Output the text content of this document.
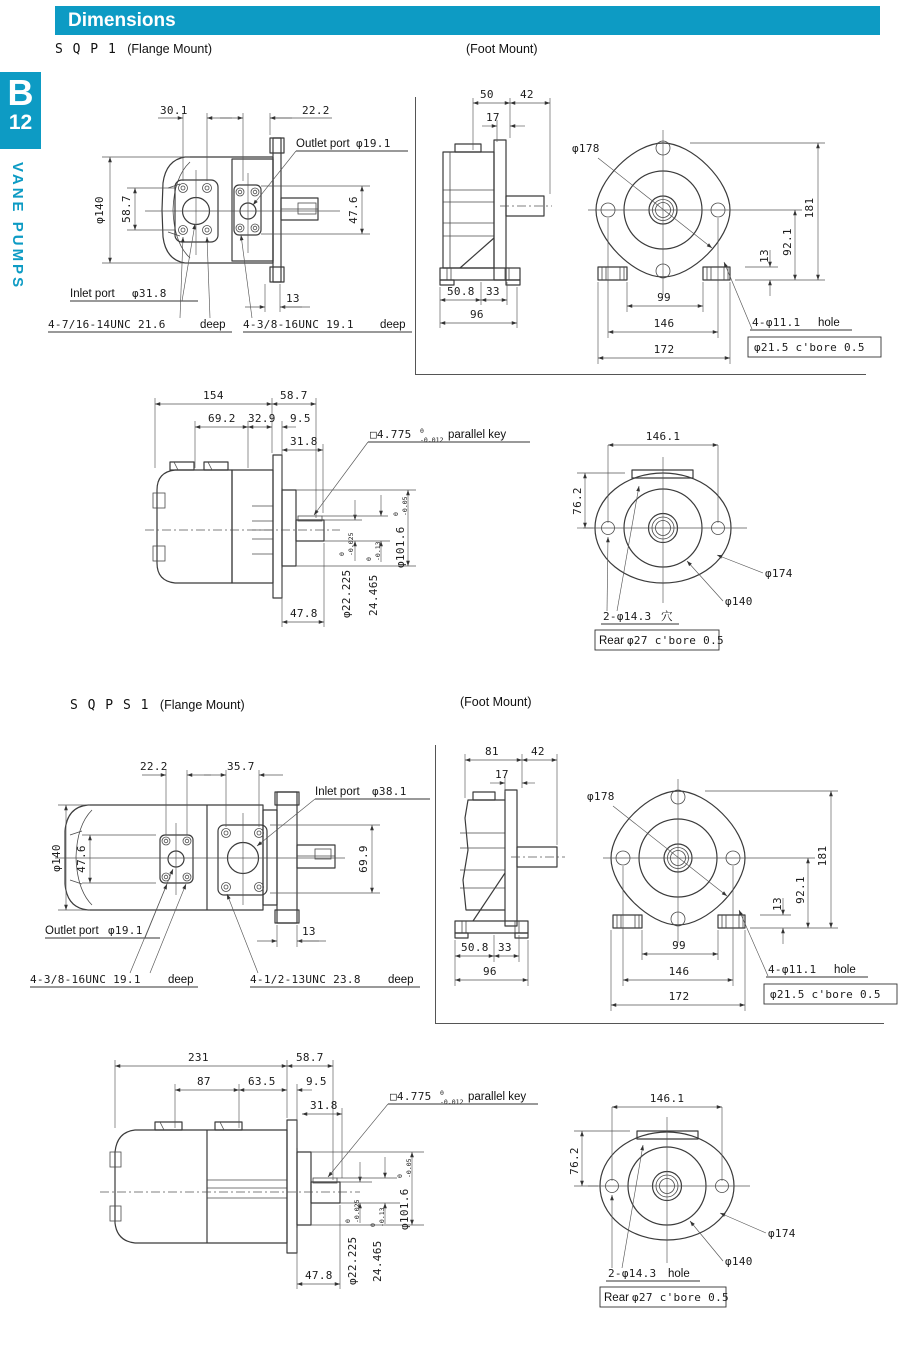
Dimensions
B
12
VANE PUMPS
S Q P 1 (Flange Mount)	(Foot Mount)
30.1	22.2
φ140 58.7	47.6
Outlet port φ19.1
Inlet port φ31.8
4-7/16-14UNC 21.6	deep 4-3/8-16UNC 19.1 deep
13
50 42
17
50.8 33
96
φ178
181
92.1
13
99
146
172
4-φ11.1 hole
φ21.5 c'bore 0.5
154	58.7
69.2 32.9 9.5
31.8
□4.775 0
-0.012 parallel key
47.8 φ22.225
0 -0.025
24.465
0 -0.13 φ101.6
0 -0.05
146.1
76.2
φ174
φ140
2-φ14.3 穴
Rear φ27 c'bore 0.5
S Q P S 1 (Flange Mount)	(Foot Mount)
22.2	35.7
Inlet port φ38.1
φ140 47.6	69.9
Outlet port φ19.1	13
4-3/8-16UNC 19.1 deep	4-1/2-13UNC 23.8 deep
81	42
17
50.8 33
96
φ178
181
92.1
13
99
146
172
4-φ11.1 hole
φ21.5 c'bore 0.5
231	58.7
87	63.5	9.5
31.8
□4.775 0
-0.012 parallel key
47.8 φ22.225
0 -0.025
24.465
0 -0.13 φ101.6
0 -0.05
146.1
76.2
φ174
φ140
2-φ14.3 hole
Rear φ27 c'bore 0.5
